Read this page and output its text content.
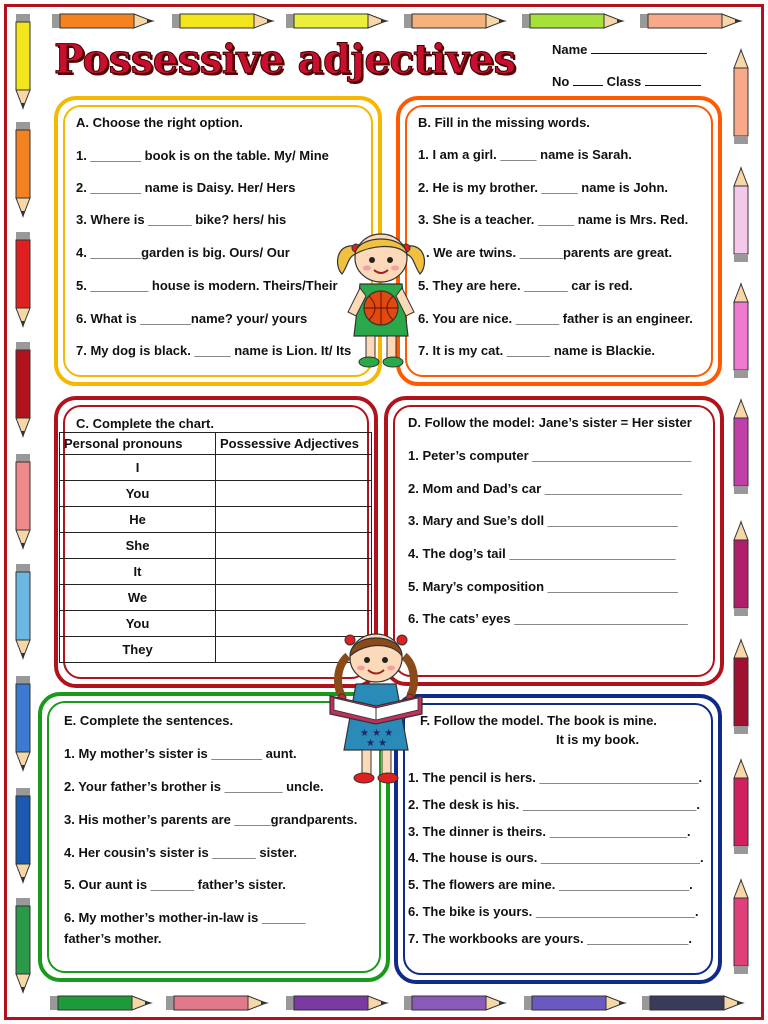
Possessive adjectives	Name
No	Class
A. Choose the right option.
1. _______ book is on the table. My/ Mine
2. _______ name is Daisy. Her/ Hers
3. Where is ______ bike? hers/ his
4. _______garden is big. Ours/ Our
5. ________ house is modern. Theirs/Their
6. What is _______name? your/ yours
7. My dog is black. _____ name is Lion. It/ Its
B. Fill in the missing words.
1. I am a girl. _____ name is Sarah.
2. He is my brother. _____ name is John.
3. She is a teacher. _____ name is Mrs. Red.
. We are twins. ______parents are great.
5. They are here. ______ car is red.
6. You are nice. ______ father is an engineer.
7. It is my cat. ______ name is Blackie.
C. Complete the chart.
Personal pronouns	Possessive Adjectives
I	
You	
He	
She	
It	
We	
You	
They	
D. Follow the model: Jane’s sister = Her sister
1. Peter’s computer ______________________
2. Mom and Dad’s car ___________________
3. Mary and Sue’s doll __________________
4. The dog’s tail _______________________
5. Mary’s composition __________________
6. The cats’ eyes ________________________
E. Complete the sentences.
1. My mother’s sister is _______ aunt.
2. Your father’s brother is ________ uncle.
3. His mother’s parents are _____grandparents.
4. Her cousin’s sister is ______ sister.
5. Our aunt is ______ father’s sister.
6. My mother’s mother-in-law is ______
father’s mother.
F. Follow the model. The book is mine.
It is my book.
1. The pencil is hers. ______________________.
2. The desk is his. ________________________.
3. The dinner is theirs. ___________________.
4. The house is ours. ______________________.
5. The flowers are mine. __________________.
6. The bike is yours. ______________________.
7. The workbooks are yours. ______________.
★ ★ ★
★ ★
